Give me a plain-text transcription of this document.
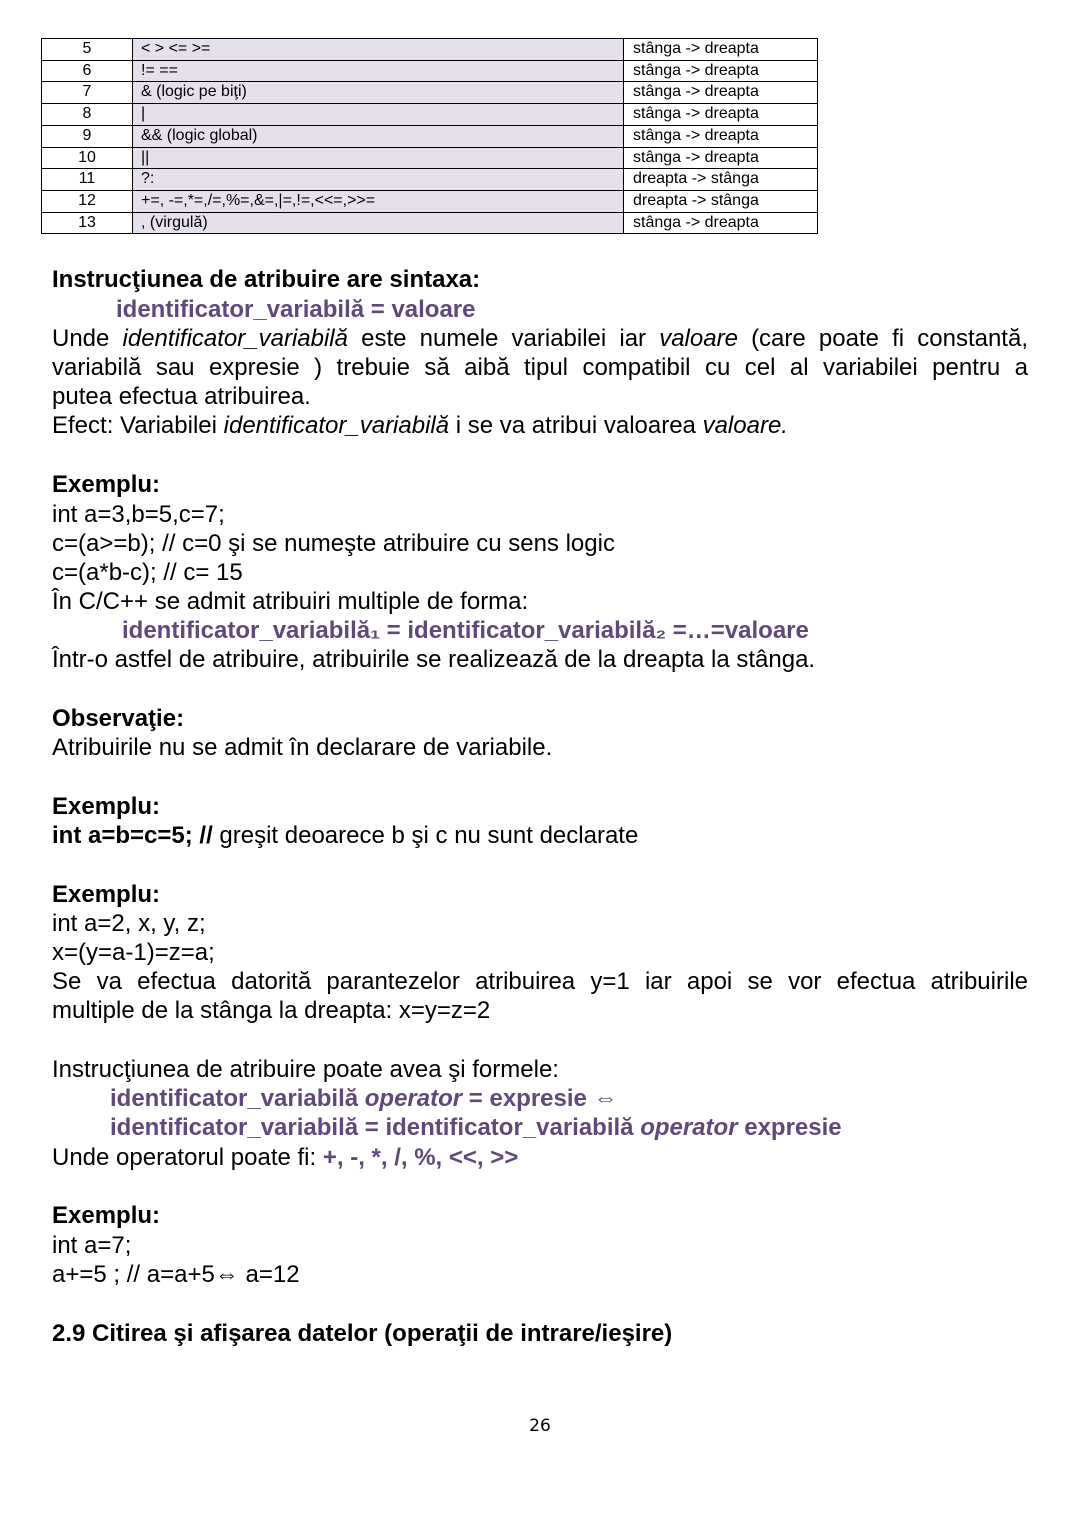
5	< > <= >=	stânga -> dreapta
6	!= ==	stânga -> dreapta
7	& (logic pe biţi)	stânga -> dreapta
8	|	stânga -> dreapta
9	&& (logic global)	stânga -> dreapta
10	||	stânga -> dreapta
11	?:	dreapta -> stânga
12	+=, -=,*=,/=,%=,&=,|=,!=,<<=,>>=	dreapta -> stânga
13	, (virgulă)	stânga -> dreapta
Instrucţiunea de atribuire are sintaxa:
identificator_variabilă = valoare
Unde identificator_variabilă este numele variabilei iar valoare (care poate fi constantă,
variabilă sau expresie ) trebuie să aibă tipul compatibil cu cel al variabilei pentru a
putea efectua atribuirea.
Efect: Variabilei identificator_variabilă i se va atribui valoarea valoare.
Exemplu:
int a=3,b=5,c=7;
c=(a>=b); // c=0 şi se numeşte atribuire cu sens logic
c=(a*b-c); // c= 15
În C/C++ se admit atribuiri multiple de forma:
identificator_variabilă₁ = identificator_variabilă₂ =…=valoare
Într-o astfel de atribuire, atribuirile se realizează de la dreapta la stânga.
Observaţie:
Atribuirile nu se admit în declarare de variabile.
Exemplu:
int a=b=c=5; // greşit deoarece b şi c nu sunt declarate
Exemplu:
int a=2, x, y, z;
x=(y=a-1)=z=a;
Se va efectua datorită parantezelor atribuirea y=1 iar apoi se vor efectua atribuirile
multiple de la stânga la dreapta: x=y=z=2
Instrucţiunea de atribuire poate avea şi formele:
identificator_variabilă operator = expresie ⇔
identificator_variabilă = identificator_variabilă operator expresie
Unde operatorul poate fi: +, -, *, /, %, <<, >>
Exemplu:
int a=7;
a+=5 ; // a=a+5⇔ a=12
2.9 Citirea şi afişarea datelor (operaţii de intrare/ieşire)
26
